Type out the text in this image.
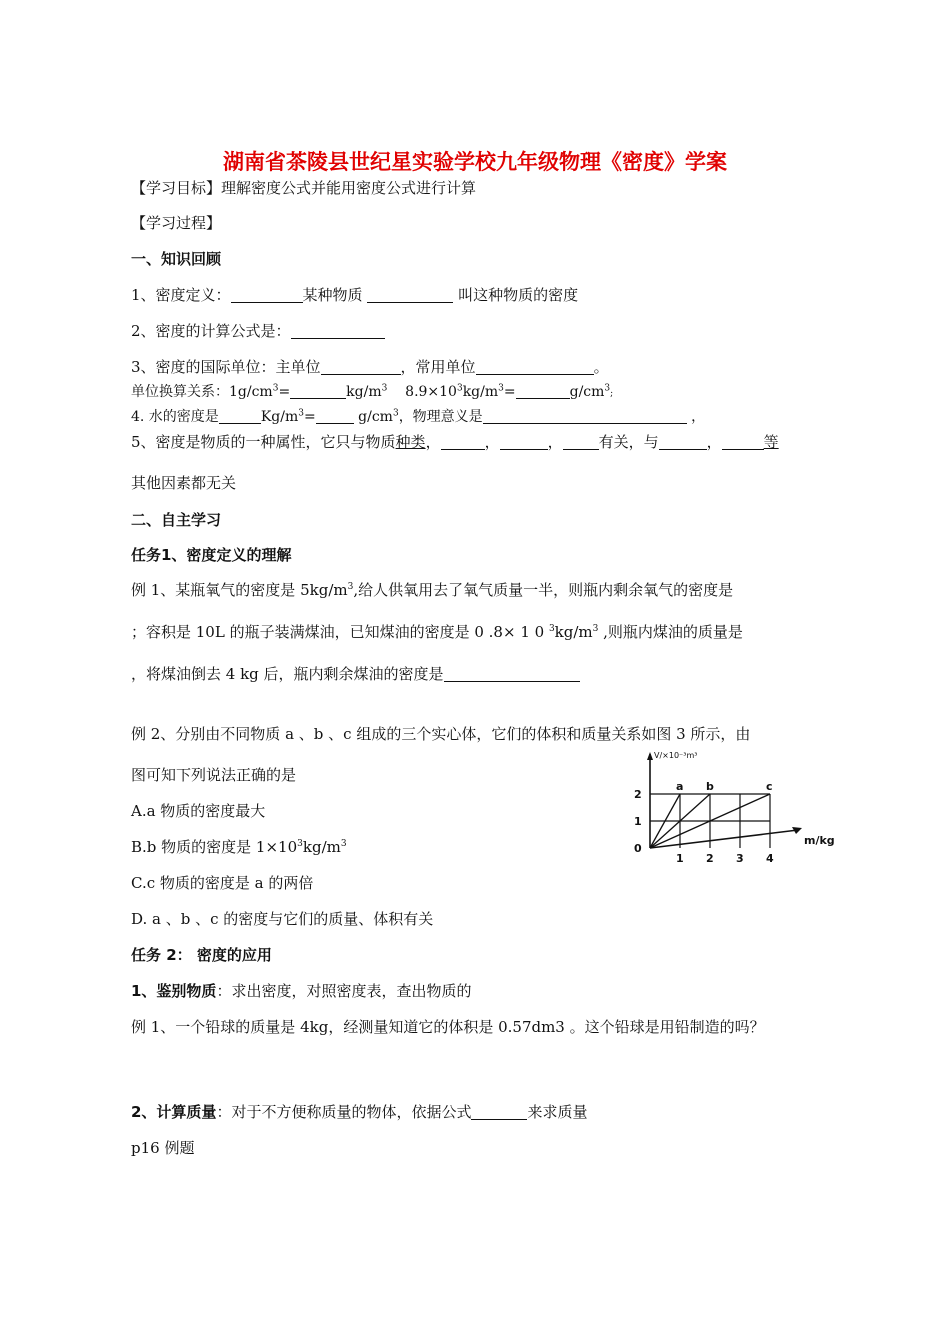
湖南省茶陵县世纪星实验学校九年级物理《密度》学案
【学习目标】理解密度公式并能用密度公式进行计算
【学习过程】
一、知识回顾
1、密度定义：	某种物质	叫这种物质的密度
2、密度的计算公式是：
3、密度的国际单位：主单位	，常用单位	。
单位换算关系：$1g/cm^3=$	$kg/m^3$ $8.9\times 10^3kg/m^3=$	$g/cm^3$;
4. 水的密度是	$Kg/m^3=$	$g/cm^3$，物理意义是	，
5、密度是物质的一种属性，它只与物质种类，	，	， 有关，与	，	等
其他因素都无关
二、自主学习
任务1、密度定义的理解
例 1、某瓶氧气的密度是 $5kg/m^3$,给人供氧用去了氧气质量一半，则瓶内剩余氧气的密度是
；容积是 10L 的瓶子装满煤油，已知煤油的密度是 0 .8× 1 0 $^3kg/m^3$ ,则瓶内煤油的质量是
，将煤油倒去 4 kg 后，瓶内剩余煤油的密度是
例 2、分别由不同物质 a 、b 、c 组成的三个实心体，它们的体积和质量关系如图 3 所示，由
图可知下列说法正确的是
A.a 物质的密度最大
B.b 物质的密度是 $1\times 10^3kg/m^3$
C.c 物质的密度是 a 的两倍
D. a 、b 、c 的密度与它们的质量、体积有关
a b	c
1 2 3 4
1
2
0
V/×10⁻³m³
m/kg
任务 2： 密度的应用
1、鉴别物质：求出密度，对照密度表，查出物质的
例 1、一个铅球的质量是 4kg，经测量知道它的体积是 0.57dm3 。这个铅球是用铅制造的吗？
2、计算质量：对于不方便称质量的物体，依据公式	来求质量
p16 例题
